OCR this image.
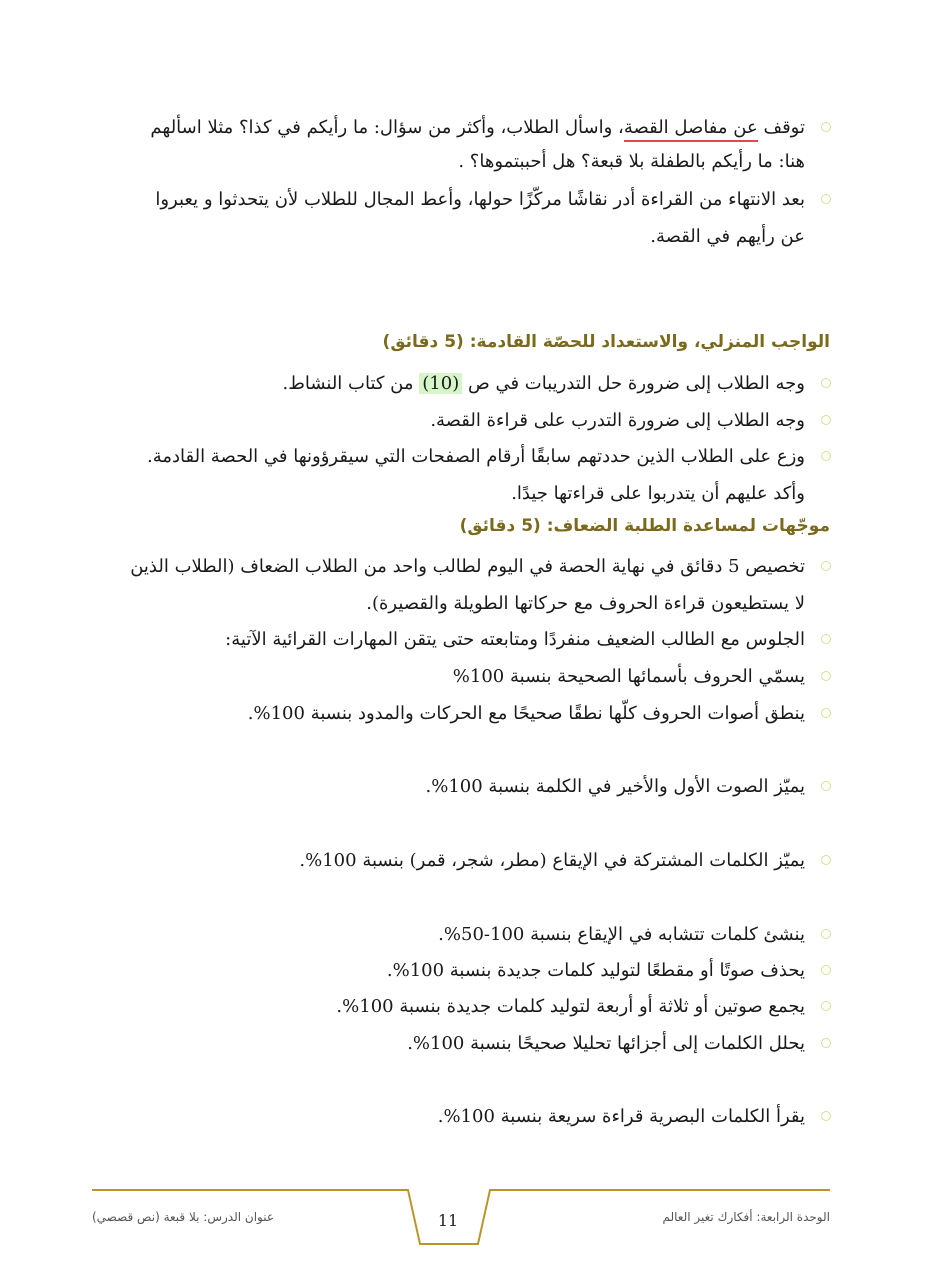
توقف عن مفاصل القصة، واسأل الطلاب، وأكثر من سؤال: ما رأيكم في كذا؟ مثلا اسألهم
هنا: ما رأيكم بالطفلة بلا قبعة؟ هل أحببتموها؟ .
بعد الانتهاء من القراءة أدر نقاشًا مركّزًا حولها، وأعط المجال للطلاب لأن يتحدثوا و يعبروا
عن رأيهم في القصة.
الواجب المنزلي، والاستعداد للحصّة القادمة: (5 دقائق)
وجه الطلاب إلى ضرورة حل التدريبات في ص (10) من كتاب النشاط.
وجه الطلاب إلى ضرورة التدرب على قراءة القصة.
وزع على الطلاب الذين حددتهم سابقًا أرقام الصفحات التي سيقرؤونها في الحصة القادمة.
وأكد عليهم أن يتدربوا على قراءتها جيدًا.
موجّهات لمساعدة الطلبة الضعاف: (5 دقائق)
تخصيص 5 دقائق في نهاية الحصة في اليوم لطالب واحد من الطلاب الضعاف (الطلاب الذين
لا يستطيعون قراءة الحروف مع حركاتها الطويلة والقصيرة).
الجلوس مع الطالب الضعيف منفردًا ومتابعته حتى يتقن المهارات القرائية الآتية:
يسمّي الحروف بأسمائها الصحيحة بنسبة 100%
ينطق أصوات الحروف كلّها نطقًا صحيحًا مع الحركات والمدود بنسبة 100%.
يميّز الصوت الأول والأخير في الكلمة بنسبة 100%.
يميّز الكلمات المشتركة في الإيقاع (مطر، شجر، قمر) بنسبة 100%.
ينشئ كلمات تتشابه في الإيقاع بنسبة 100-50%.
يحذف صوتًا أو مقطعًا لتوليد كلمات جديدة بنسبة 100%.
يجمع صوتين أو ثلاثة أو أربعة لتوليد كلمات جديدة بنسبة 100%.
يحلل الكلمات إلى أجزائها تحليلا صحيحًا بنسبة 100%.
يقرأ الكلمات البصرية قراءة سريعة بنسبة 100%.
الوحدة الرابعة: أفكارك تغير العالم
11
عنوان الدرس: بلا قبعة (نص قصصي)
